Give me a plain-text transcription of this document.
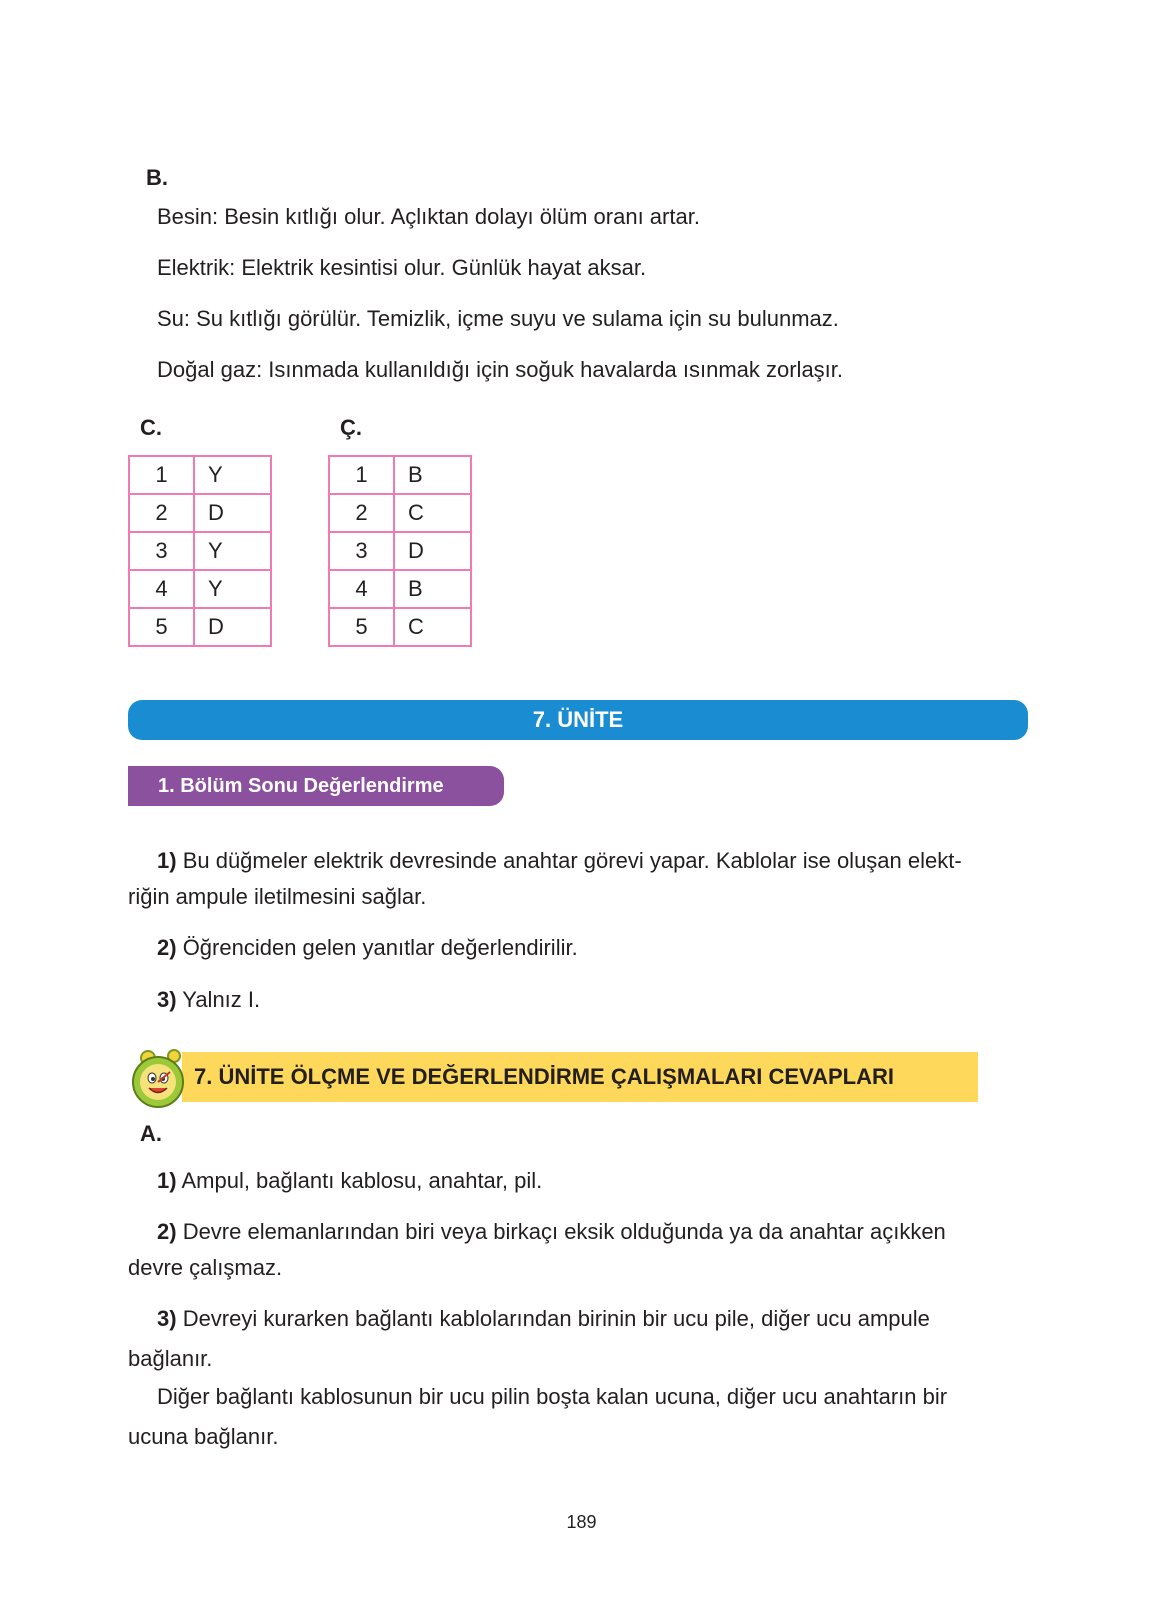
B.
Besin: Besin kıtlığı olur. Açlıktan dolayı ölüm oranı artar.
Elektrik: Elektrik kesintisi olur. Günlük hayat aksar.
Su: Su kıtlığı görülür. Temizlik, içme suyu ve sulama için su bulunmaz.
Doğal gaz: Isınmada kullanıldığı için soğuk havalarda ısınmak zorlaşır.
C.
1	Y
2	D
3	Y
4	Y
5	D
Ç.
1	B
2	C
3	D
4	B
5	C
7. ÜNİTE
1. Bölüm Sonu Değerlendirme
1) Bu düğmeler elektrik devresinde anahtar görevi yapar. Kablolar ise oluşan elekt-
riğin ampule iletilmesini sağlar.
2) Öğrenciden gelen yanıtlar değerlendirilir.
3) Yalnız I.
7. ÜNİTE ÖLÇME VE DEĞERLENDİRME ÇALIŞMALARI CEVAPLARI
A.
1) Ampul, bağlantı kablosu, anahtar, pil.
2) Devre elemanlarından biri veya birkaçı eksik olduğunda ya da anahtar açıkken
devre çalışmaz.
3) Devreyi kurarken bağlantı kablolarından birinin bir ucu pile, diğer ucu ampule
bağlanır.
Diğer bağlantı kablosunun bir ucu pilin boşta kalan ucuna, diğer ucu anahtarın bir
ucuna bağlanır.
189
